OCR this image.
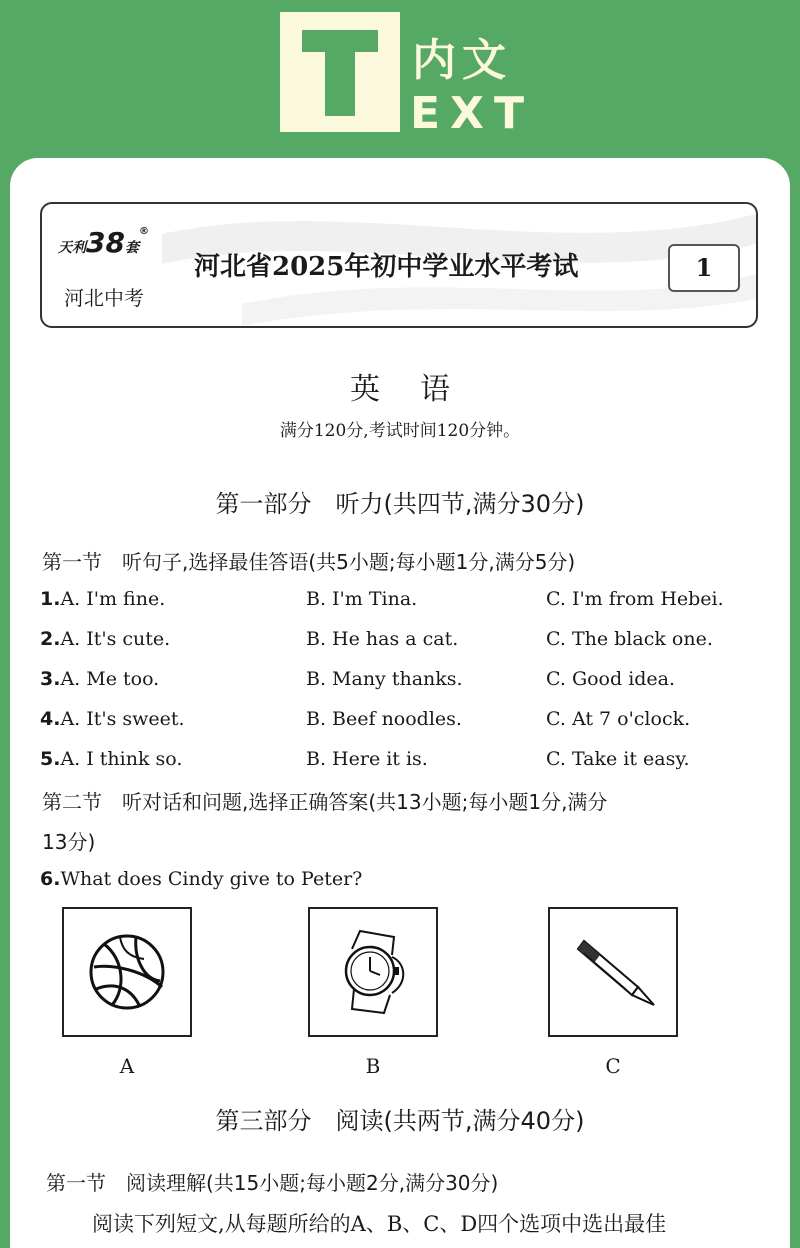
内文
EXT
天利38套®
河北中考
河北省2025年初中学业水平考试	1
英语
满分120分,考试时间120分钟。
第一部分　听力(共四节,满分30分)
第一节　听句子,选择最佳答语(共5小题;每小题1分,满分5分)
1.A. I'm fine.	B. I'm Tina.	C. I'm from Hebei.
2.A. It's cute.	B. He has a cat.	C. The black one.
3.A. Me too.	B. Many thanks.	C. Good idea.
4.A. It's sweet.	B. Beef noodles.	C. At 7 o'clock.
5.A. I think so.	B. Here it is.	C. Take it easy.
第二节　听对话和问题,选择正确答案(共13小题;每小题1分,满分
13分)
6.What does Cindy give to Peter?
A	B	C
第三部分　阅读(共两节,满分40分)
第一节　阅读理解(共15小题;每小题2分,满分30分)
阅读下列短文,从每题所给的A、B、C、D四个选项中选出最佳
